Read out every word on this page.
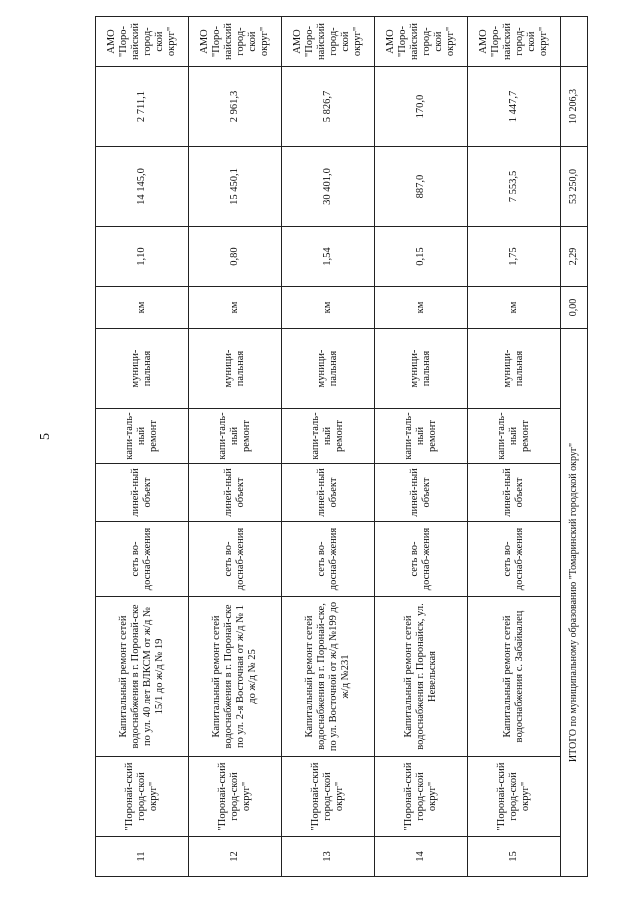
5
11	"Поронай-ский город-ской округ"	Капитальный ремонт сетей водоснабжения в г. Поронай-ске по ул. 40 лет ВЛКСМ от ж/д № 15/1 до ж/д № 19	сеть во-доснаб-жения	линей-ный объект	капи-таль-ный ремонт	муници-пальная	км	1,10	14 145,0	2 711,1	АМО "Поро-найский город-ской округ"
12	"Поронай-ский город-ской округ"	Капитальный ремонт сетей водоснабжения в г. Поронай-ске по ул. 2-я Восточная от ж/д № 1 до ж/д № 25	сеть во-доснаб-жения	линей-ный объект	капи-таль-ный ремонт	муници-пальная	км	0,80	15 450,1	2 961,3	АМО "Поро-найский город-ской округ"
13	"Поронай-ский город-ской округ"	Капитальный ремонт сетей водоснабжения в г. Поронай-ске, по ул. Восточной от ж/д №199 до ж/д №231	сеть во-доснаб-жения	линей-ный объект	капи-таль-ный ремонт	муници-пальная	км	1,54	30 401,0	5 826,7	АМО "Поро-найский город-ской округ"
14	"Поронай-ский город-ской округ"	Капитальный ремонт сетей водоснабжения г. Поронайск, ул. Невельская	сеть во-доснаб-жения	линей-ный объект	капи-таль-ный ремонт	муници-пальная	км	0,15	887,0	170,0	АМО "Поро-найский город-ской округ"
15	"Поронай-ский город-ской округ"	Капитальный ремонт сетей водоснабжения с. Забайкалец	сеть во-доснаб-жения	линей-ный объект	капи-таль-ный ремонт	муници-пальная	км	1,75	7 553,5	1 447,7	АМО "Поро-найский город-ской округ"
ИТОГО по муниципальному образованию "Томаринский городской округ"							0,00	2,29	53 250,0	10 206,3	
